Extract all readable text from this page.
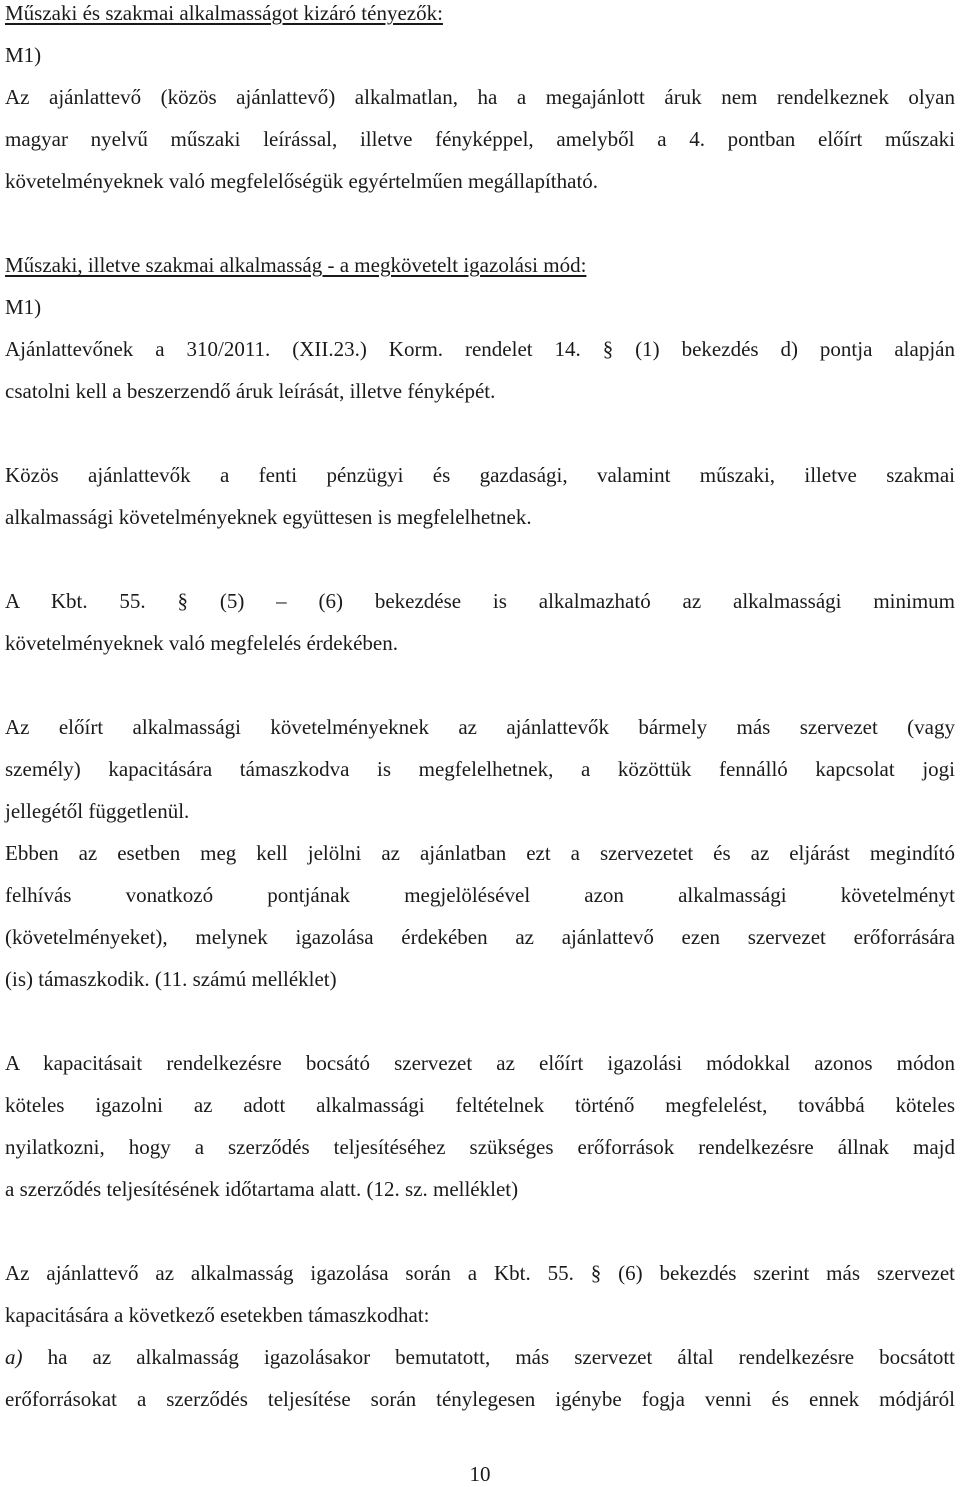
Műszaki és szakmai alkalmasságot kizáró tényezők:
M1)
Az ajánlattevő (közös ajánlattevő) alkalmatlan, ha a megajánlott áruk nem rendelkeznek olyan
magyar nyelvű műszaki leírással, illetve fényképpel, amelyből a 4. pontban előírt műszaki
követelményeknek való megfelelőségük egyértelműen megállapítható.
Műszaki, illetve szakmai alkalmasság - a megkövetelt igazolási mód:
M1)
Ajánlattevőnek a 310/2011. (XII.23.) Korm. rendelet 14. § (1) bekezdés d) pontja alapján
csatolni kell a beszerzendő áruk leírását, illetve fényképét.
Közös ajánlattevők a fenti pénzügyi és gazdasági, valamint műszaki, illetve szakmai
alkalmassági követelményeknek együttesen is megfelelhetnek.
A Kbt. 55. § (5) – (6) bekezdése is alkalmazható az alkalmassági minimum
követelményeknek való megfelelés érdekében.
Az előírt alkalmassági követelményeknek az ajánlattevők bármely más szervezet (vagy
személy) kapacitására támaszkodva is megfelelhetnek, a közöttük fennálló kapcsolat jogi
jellegétől függetlenül.
Ebben az esetben meg kell jelölni az ajánlatban ezt a szervezetet és az eljárást megindító
felhívás vonatkozó pontjának megjelölésével azon alkalmassági követelményt
(követelményeket), melynek igazolása érdekében az ajánlattevő ezen szervezet erőforrására
(is) támaszkodik. (11. számú melléklet)
A kapacitásait rendelkezésre bocsátó szervezet az előírt igazolási módokkal azonos módon
köteles igazolni az adott alkalmassági feltételnek történő megfelelést, továbbá köteles
nyilatkozni, hogy a szerződés teljesítéséhez szükséges erőforrások rendelkezésre állnak majd
a szerződés teljesítésének időtartama alatt. (12. sz. melléklet)
Az ajánlattevő az alkalmasság igazolása során a Kbt. 55. § (6) bekezdés szerint más szervezet
kapacitására a következő esetekben támaszkodhat:
a) ha az alkalmasság igazolásakor bemutatott, más szervezet által rendelkezésre bocsátott
erőforrásokat a szerződés teljesítése során ténylegesen igénybe fogja venni és ennek módjáról
10
